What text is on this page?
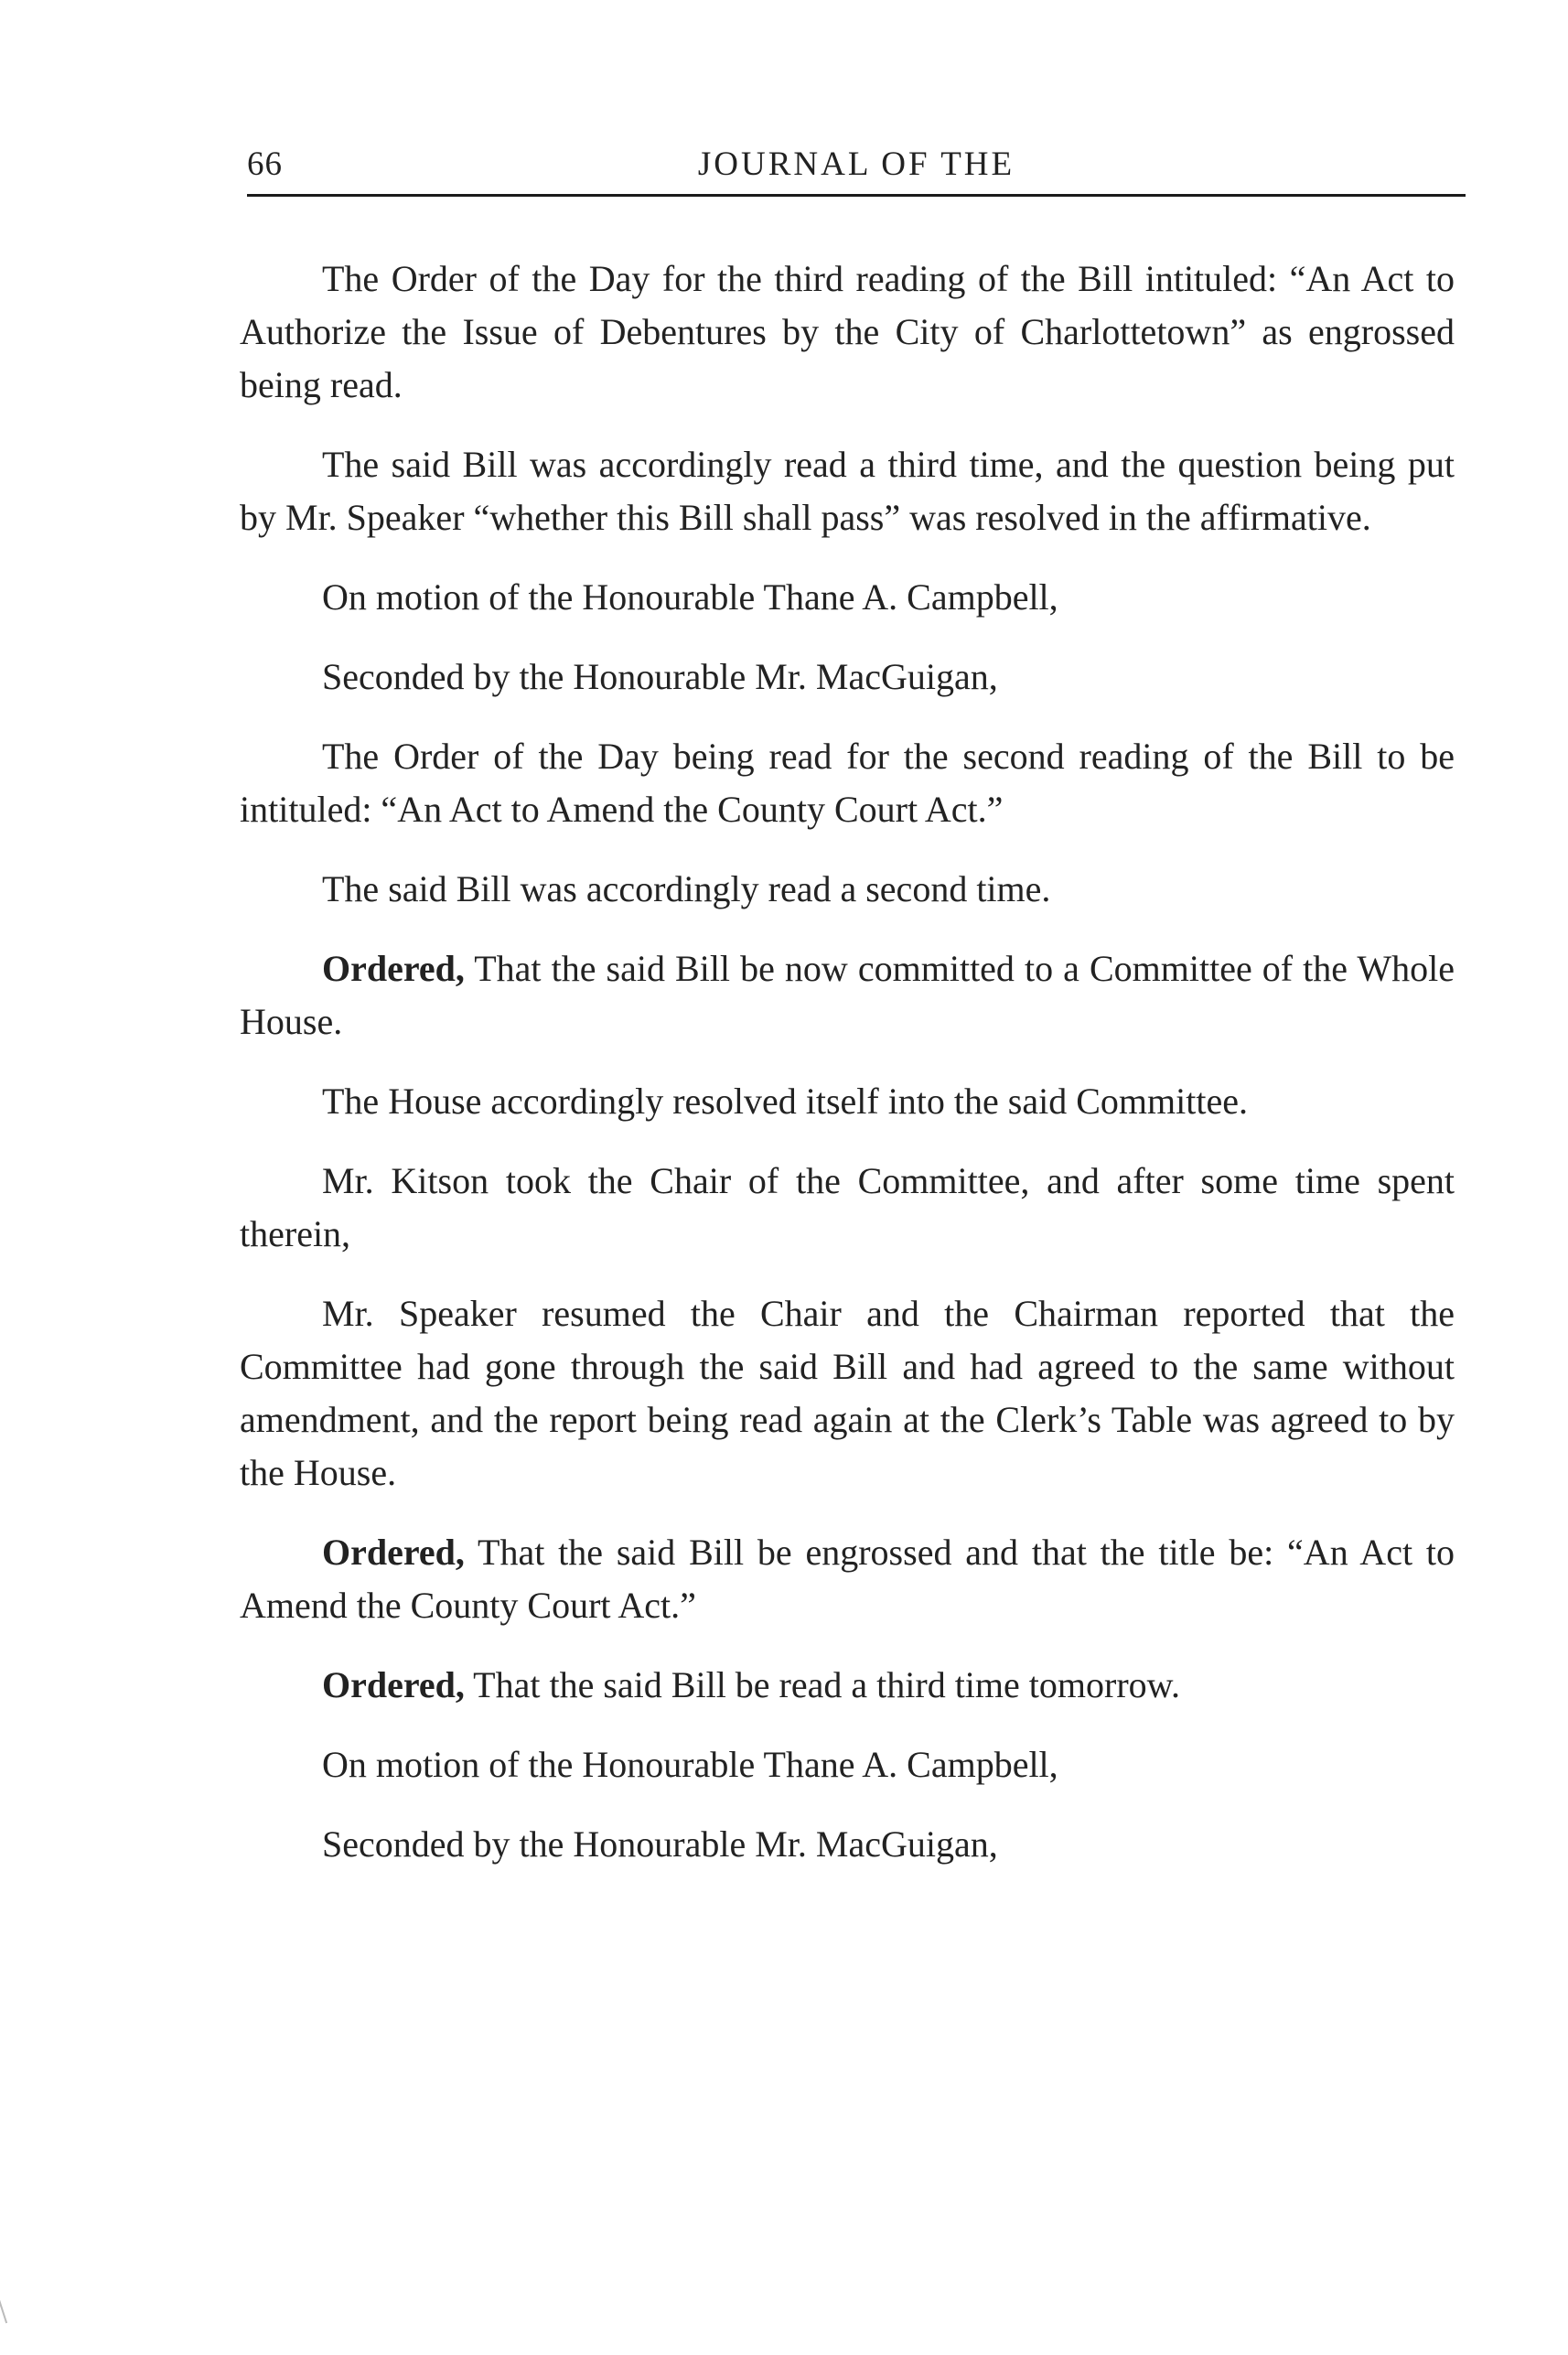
66	JOURNAL OF THE

The Order of the Day for the third reading of the Bill intituled: “An Act to Authorize the Issue of Debentures by the City of Charlottetown” as engrossed being read.

The said Bill was accordingly read a third time, and the question being put by Mr. Speaker “whether this Bill shall pass” was resolved in the affirmative.

On motion of the Honourable Thane A. Campbell,

Seconded by the Honourable Mr. MacGuigan,

The Order of the Day being read for the second reading of the Bill to be intituled: “An Act to Amend the County Court Act.”

The said Bill was accordingly read a second time.

Ordered, That the said Bill be now committed to a Committee of the Whole House.

The House accordingly resolved itself into the said Committee.

Mr. Kitson took the Chair of the Committee, and after some time spent therein,

Mr. Speaker resumed the Chair and the Chairman reported that the Committee had gone through the said Bill and had agreed to the same without amendment, and the report being read again at the Clerk’s Table was agreed to by the House.

Ordered, That the said Bill be engrossed and that the title be: “An Act to Amend the County Court Act.”

Ordered, That the said Bill be read a third time tomorrow.

On motion of the Honourable Thane A. Campbell,

Seconded by the Honourable Mr. MacGuigan,
